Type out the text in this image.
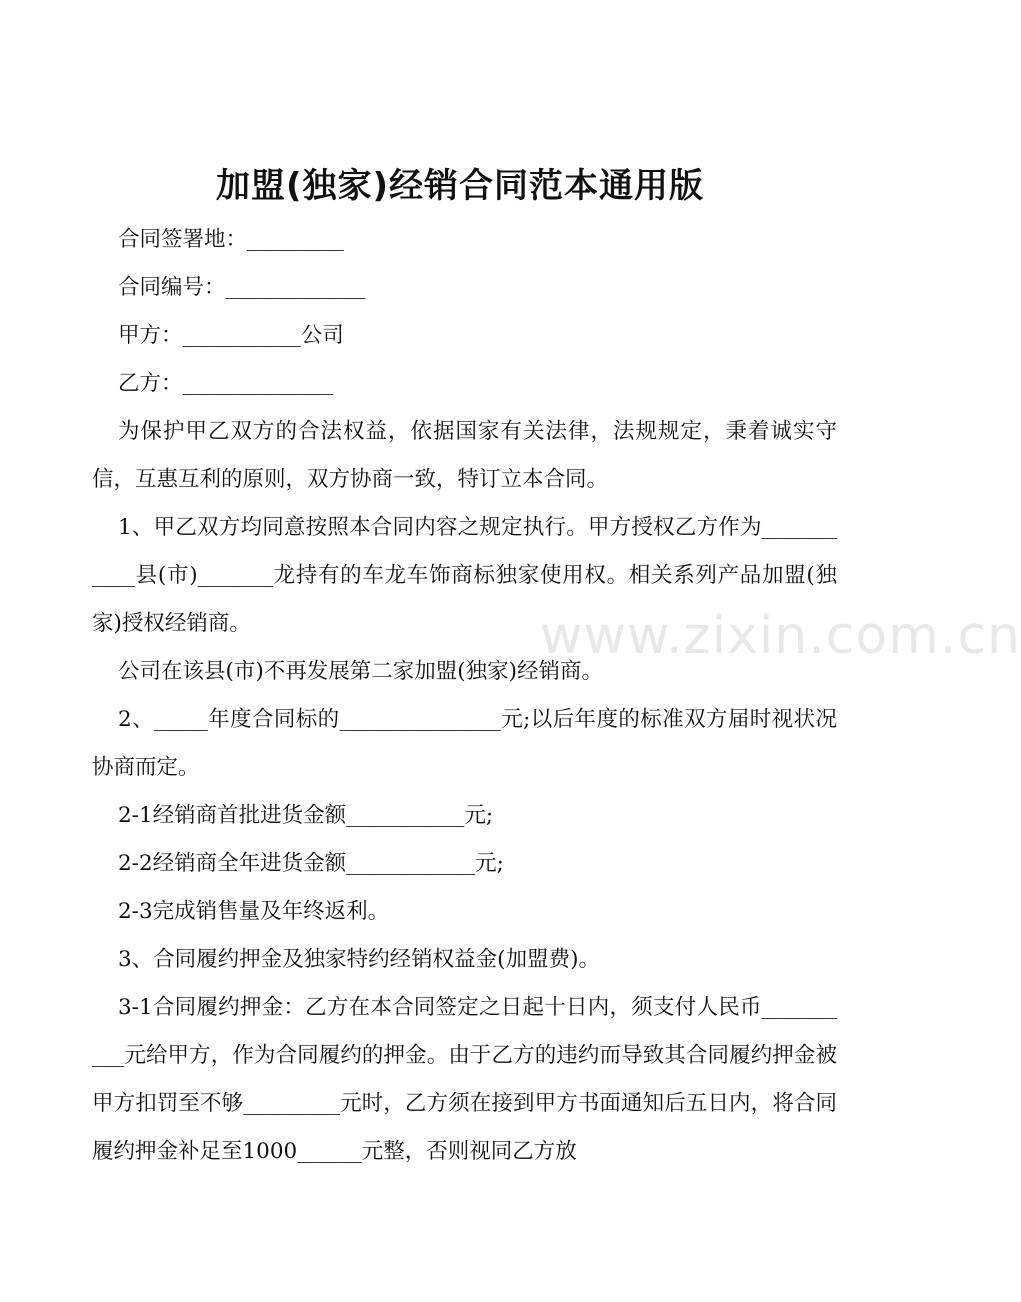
加盟(独家)经销合同范本通用版

合同签署地：_________

合同编号：_____________

甲方：___________公司

乙方：______________

为保护甲乙双方的合法权益，依据国家有关法律，法规规定，秉着诚实守信，互惠互利的原则，双方协商一致，特订立本合同。

1、甲乙双方均同意按照本合同内容之规定执行。甲方授权乙方作为___________县(市)_______龙持有的车龙车饰商标独家使用权。相关系列产品加盟(独家)授权经销商。

公司在该县(市)不再发展第二家加盟(独家)经销商。

2、_____年度合同标的_______________元;以后年度的标准双方届时视状况协商而定。

2-1经销商首批进货金额___________元;

2-2经销商全年进货金额____________元;

2-3完成销售量及年终返利。

3、合同履约押金及独家特约经销权益金(加盟费)。

3-1合同履约押金：乙方在本合同签定之日起十日内，须支付人民币__________元给甲方，作为合同履约的押金。由于乙方的违约而导致其合同履约押金被甲方扣罚至不够_________元时，乙方须在接到甲方书面通知后五日内，将合同履约押金补足至1000______元整，否则视同乙方放

www.zixin.com.cn
